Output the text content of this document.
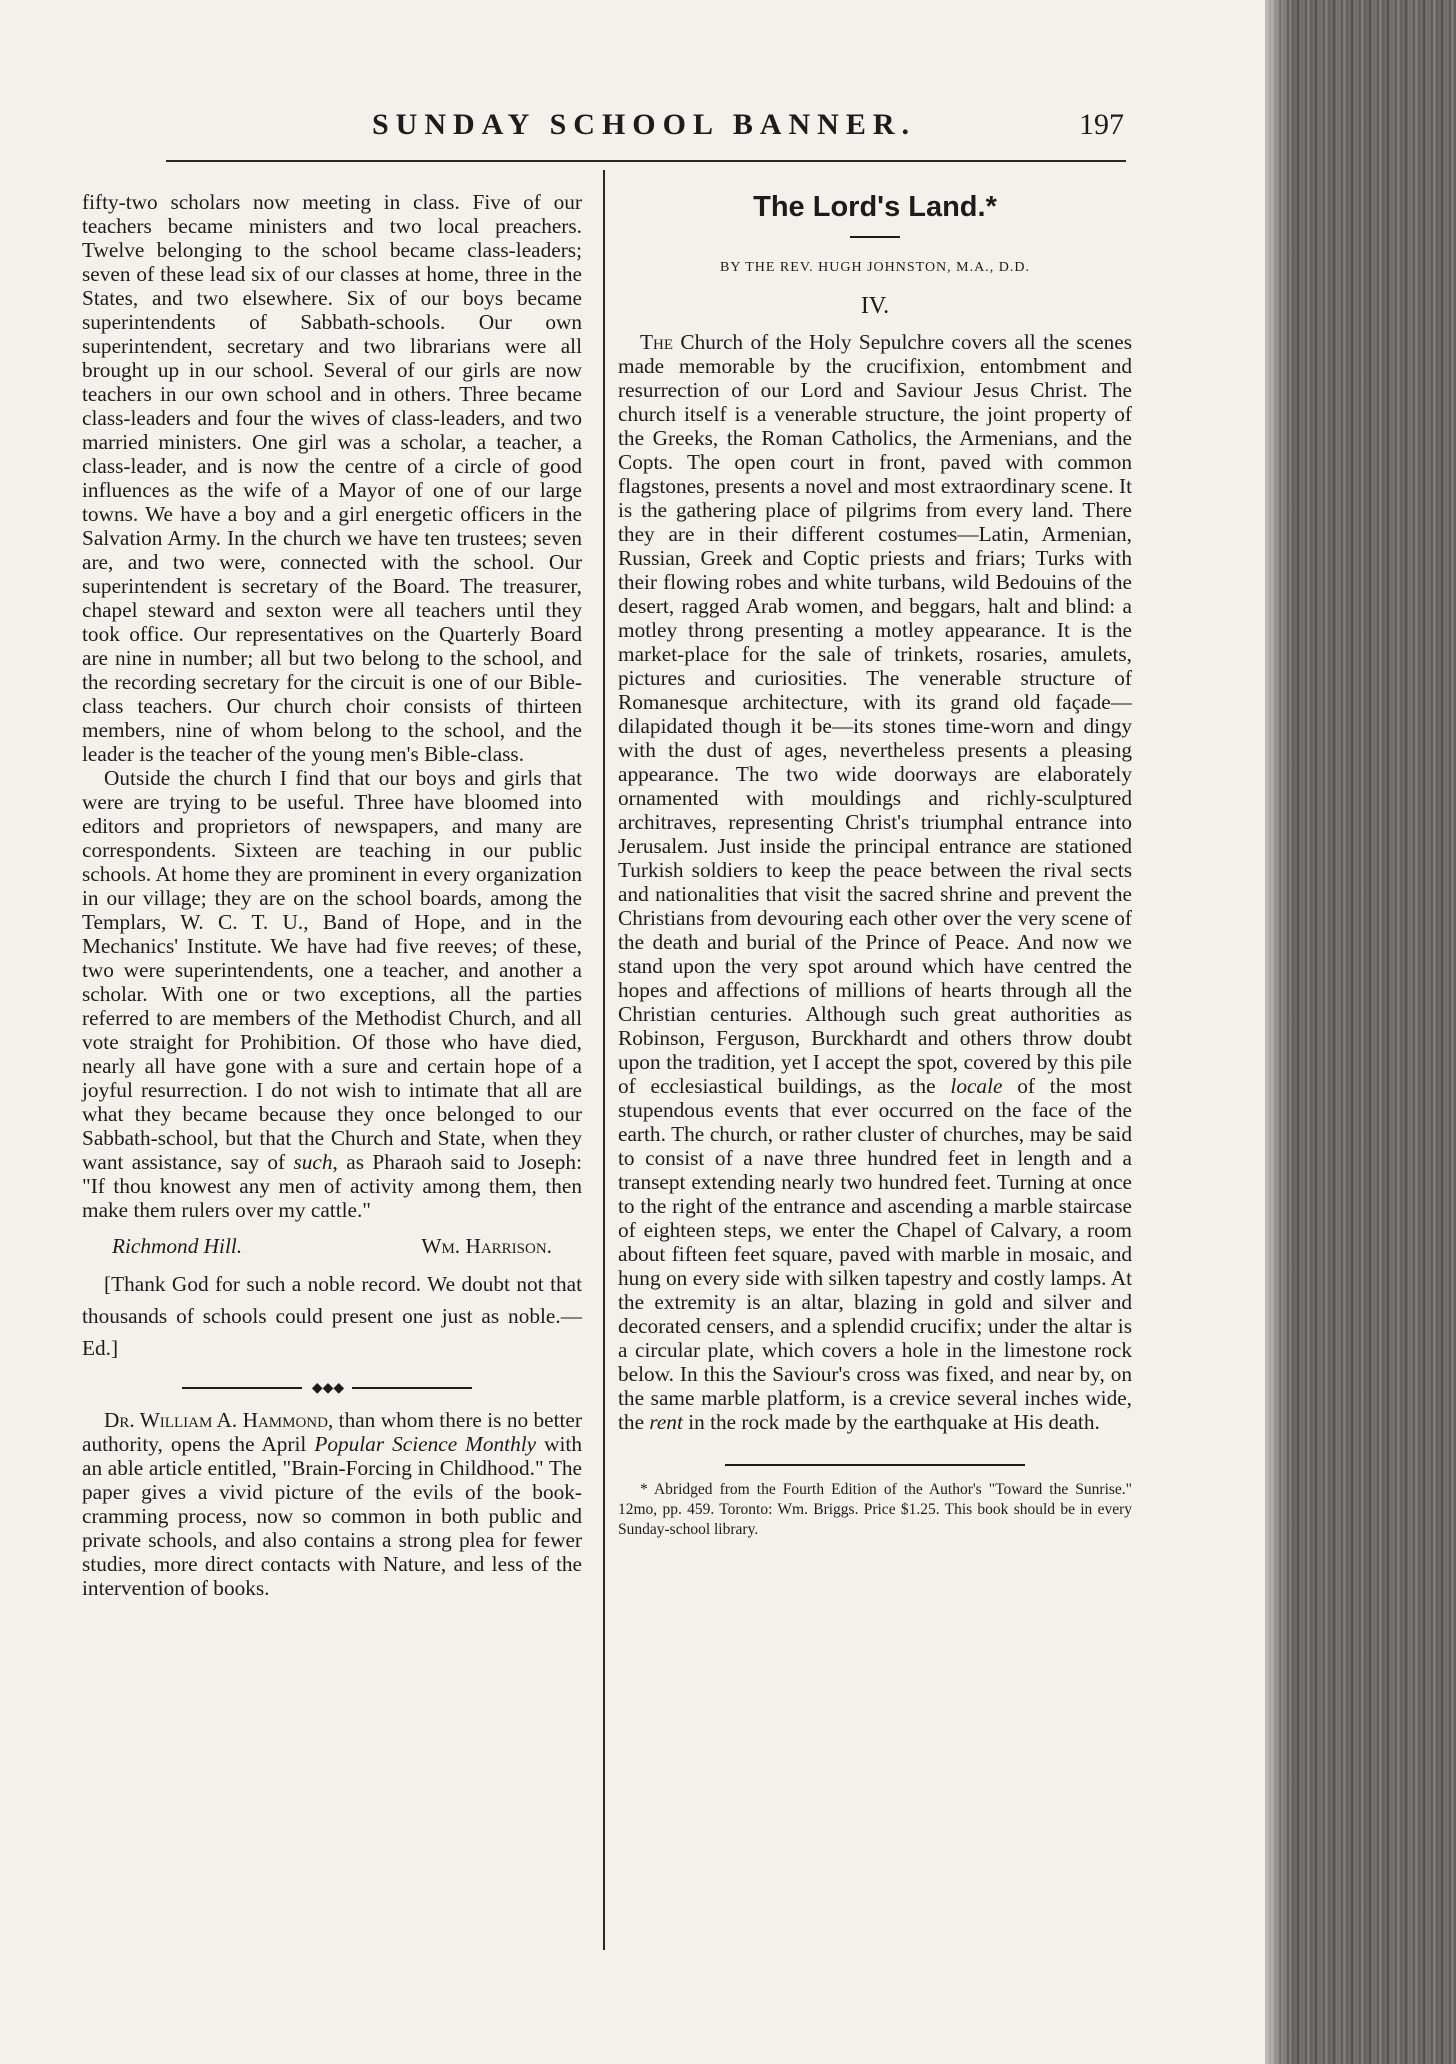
SUNDAY SCHOOL BANNER.	197

fifty-two scholars now meeting in class. Five of our teachers became ministers and two local preachers. Twelve belonging to the school became class-leaders; seven of these lead six of our classes at home, three in the States, and two elsewhere. Six of our boys became superintendents of Sabbath-schools. Our own superintendent, secretary and two librarians were all brought up in our school. Several of our girls are now teachers in our own school and in others. Three became class-leaders and four the wives of class-leaders, and two married ministers. One girl was a scholar, a teacher, a class-leader, and is now the centre of a circle of good influences as the wife of a Mayor of one of our large towns. We have a boy and a girl energetic officers in the Salvation Army. In the church we have ten trustees; seven are, and two were, connected with the school. Our superintendent is secretary of the Board. The treasurer, chapel steward and sexton were all teachers until they took office. Our representatives on the Quarterly Board are nine in number; all but two belong to the school, and the recording secretary for the circuit is one of our Bible-class teachers. Our church choir consists of thirteen members, nine of whom belong to the school, and the leader is the teacher of the young men's Bible-class.

Outside the church I find that our boys and girls that were are trying to be useful. Three have bloomed into editors and proprietors of newspapers, and many are correspondents. Sixteen are teaching in our public schools. At home they are prominent in every organization in our village; they are on the school boards, among the Templars, W. C. T. U., Band of Hope, and in the Mechanics' Institute. We have had five reeves; of these, two were superintendents, one a teacher, and another a scholar. With one or two exceptions, all the parties referred to are members of the Methodist Church, and all vote straight for Prohibition. Of those who have died, nearly all have gone with a sure and certain hope of a joyful resurrection. I do not wish to intimate that all are what they became because they once belonged to our Sabbath-school, but that the Church and State, when they want assistance, say of such, as Pharaoh said to Joseph: "If thou knowest any men of activity among them, then make them rulers over my cattle."

Richmond Hill.	Wm. Harrison.

[Thank God for such a noble record. We doubt not that thousands of schools could present one just as noble.—Ed.]

◆◆◆

Dr. William A. Hammond, than whom there is no better authority, opens the April Popular Science Monthly with an able article entitled, "Brain-Forcing in Childhood." The paper gives a vivid picture of the evils of the book-cramming process, now so common in both public and private schools, and also contains a strong plea for fewer studies, more direct contacts with Nature, and less of the intervention of books.

The Lord's Land.*
BY THE REV. HUGH JOHNSTON, M.A., D.D.
IV.

The Church of the Holy Sepulchre covers all the scenes made memorable by the crucifixion, entombment and resurrection of our Lord and Saviour Jesus Christ. The church itself is a venerable structure, the joint property of the Greeks, the Roman Catholics, the Armenians, and the Copts. The open court in front, paved with common flagstones, presents a novel and most extraordinary scene. It is the gathering place of pilgrims from every land. There they are in their different costumes—Latin, Armenian, Russian, Greek and Coptic priests and friars; Turks with their flowing robes and white turbans, wild Bedouins of the desert, ragged Arab women, and beggars, halt and blind: a motley throng presenting a motley appearance. It is the market-place for the sale of trinkets, rosaries, amulets, pictures and curiosities. The venerable structure of Romanesque architecture, with its grand old façade—dilapidated though it be—its stones time-worn and dingy with the dust of ages, nevertheless presents a pleasing appearance. The two wide doorways are elaborately ornamented with mouldings and richly-sculptured architraves, representing Christ's triumphal entrance into Jerusalem. Just inside the principal entrance are stationed Turkish soldiers to keep the peace between the rival sects and nationalities that visit the sacred shrine and prevent the Christians from devouring each other over the very scene of the death and burial of the Prince of Peace. And now we stand upon the very spot around which have centred the hopes and affections of millions of hearts through all the Christian centuries. Although such great authorities as Robinson, Ferguson, Burckhardt and others throw doubt upon the tradition, yet I accept the spot, covered by this pile of ecclesiastical buildings, as the locale of the most stupendous events that ever occurred on the face of the earth. The church, or rather cluster of churches, may be said to consist of a nave three hundred feet in length and a transept extending nearly two hundred feet. Turning at once to the right of the entrance and ascending a marble staircase of eighteen steps, we enter the Chapel of Calvary, a room about fifteen feet square, paved with marble in mosaic, and hung on every side with silken tapestry and costly lamps. At the extremity is an altar, blazing in gold and silver and decorated censers, and a splendid crucifix; under the altar is a circular plate, which covers a hole in the limestone rock below. In this the Saviour's cross was fixed, and near by, on the same marble platform, is a crevice several inches wide, the rent in the rock made by the earthquake at His death.

* Abridged from the Fourth Edition of the Author's "Toward the Sunrise." 12mo, pp. 459. Toronto: Wm. Briggs. Price $1.25. This book should be in every Sunday-school library.
